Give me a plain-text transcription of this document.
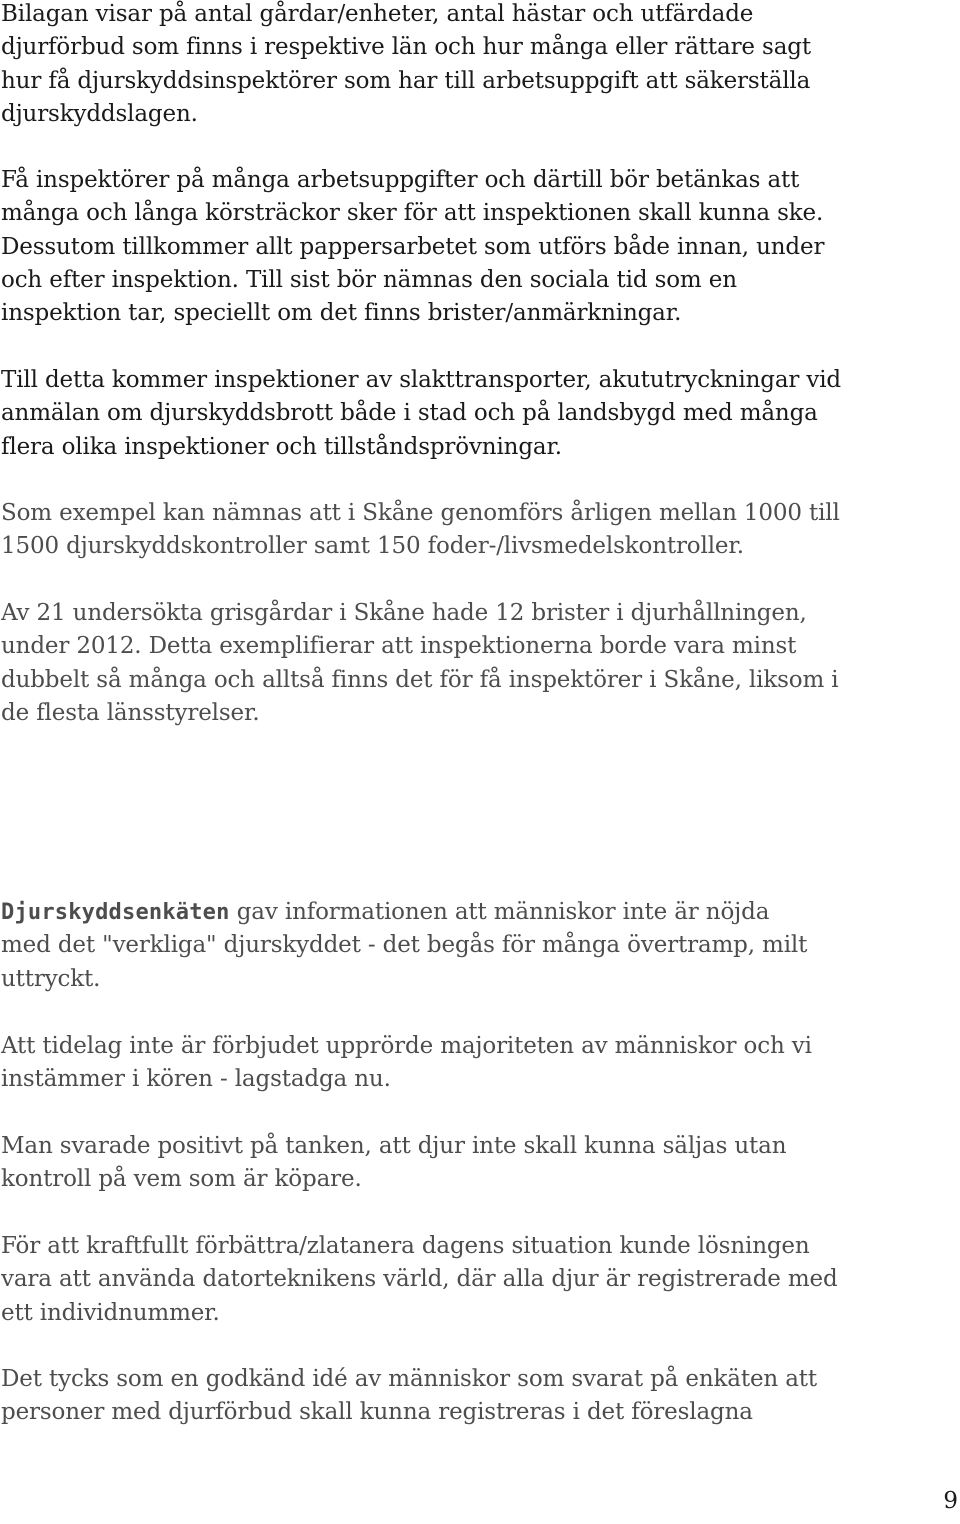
Bilagan visar på antal gårdar/enheter, antal hästar och utfärdade
djurförbud som finns i respektive län och hur många eller rättare sagt
hur få djurskyddsinspektörer som har till arbetsuppgift att säkerställa
djurskyddslagen.

Få inspektörer på många arbetsuppgifter och därtill bör betänkas att
många och långa körsträckor sker för att inspektionen skall kunna ske.
Dessutom tillkommer allt pappersarbetet som utförs både innan, under
och efter inspektion. Till sist bör nämnas den sociala tid som en
inspektion tar, speciellt om det finns brister/anmärkningar.

Till detta kommer inspektioner av slakttransporter, akututryckningar vid
anmälan om djurskyddsbrott både i stad och på landsbygd med många
flera olika inspektioner och tillståndsprövningar.

Som exempel kan nämnas att i Skåne genomförs årligen mellan 1000 till
1500 djurskyddskontroller samt 150 foder-/livsmedelskontroller.

Av 21 undersökta grisgårdar i Skåne hade 12 brister i djurhållningen,
under 2012. Detta exemplifierar att inspektionerna borde vara minst
dubbelt så många och alltså finns det för få inspektörer i Skåne, liksom i
de flesta länsstyrelser.

Djurskyddsenkäten gav informationen att människor inte är nöjda
med det "verkliga" djurskyddet - det begås för många övertramp, milt
uttryckt.

Att tidelag inte är förbjudet upprörde majoriteten av människor och vi
instämmer i kören - lagstadga nu.

Man svarade positivt på tanken, att djur inte skall kunna säljas utan
kontroll på vem som är köpare.

För att kraftfullt förbättra/zlatanera dagens situation kunde lösningen
vara att använda datorteknikens värld, där alla djur är registrerade med
ett individnummer.

Det tycks som en godkänd idé av människor som svarat på enkäten att
personer med djurförbud skall kunna registreras i det föreslagna

9
